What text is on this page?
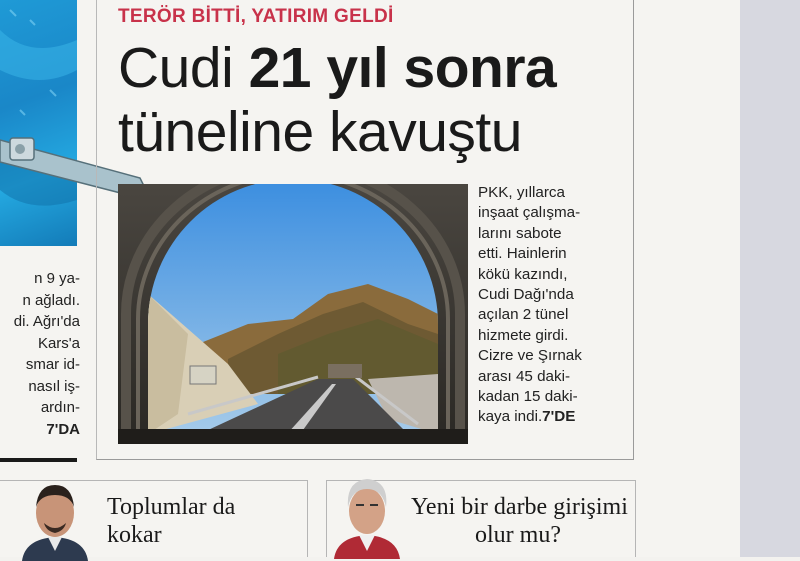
n 9 ya-
n ağladı.
di. Ağrı'da
Kars'a
smar id-
nasıl iş-
ardın-
7'DA
TERÖR BİTTİ, YATIRIM GELDİ
Cudi 21 yıl sonra
tüneline kavuştu
PKK, yıllarca
inşaat çalışma-
larını sabote
etti. Hainlerin
kökü kazındı,
Cudi Dağı'nda
açılan 2 tünel
hizmete girdi.
Cizre ve Şırnak
arası 45 daki-
kadan 15 daki-
kaya indi.7'DE
Toplumlar da
kokar
Yeni bir darbe girişimi
olur mu?
